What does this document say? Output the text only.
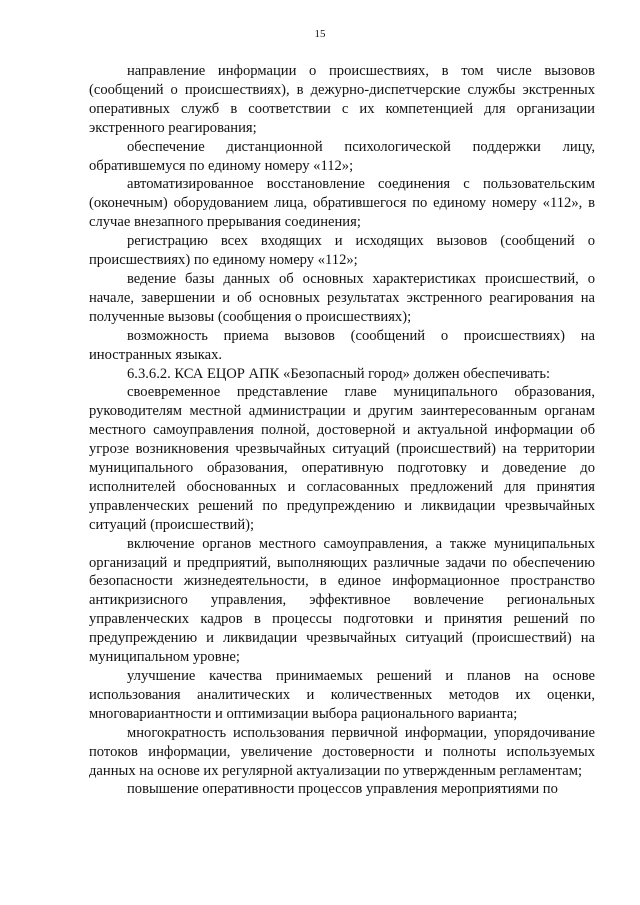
15

направление информации о происшествиях, в том числе вызовов (сообщений о происшествиях), в дежурно-диспетчерские службы экстренных оперативных служб в соответствии с их компетенцией для организации экстренного реагирования;

обеспечение дистанционной психологической поддержки лицу, обратившемуся по единому номеру «112»;

автоматизированное восстановление соединения с пользовательским (оконечным) оборудованием лица, обратившегося по единому номеру «112», в случае внезапного прерывания соединения;

регистрацию всех входящих и исходящих вызовов (сообщений о происшествиях) по единому номеру «112»;

ведение базы данных об основных характеристиках происшествий, о начале, завершении и об основных результатах экстренного реагирования на полученные вызовы (сообщения о происшествиях);

возможность приема вызовов (сообщений о происшествиях) на иностранных языках.

6.3.6.2. КСА ЕЦОР АПК «Безопасный город» должен обеспечивать:

своевременное представление главе муниципального образования, руководителям местной администрации и другим заинтересованным органам местного самоуправления полной, достоверной и актуальной информации об угрозе возникновения чрезвычайных ситуаций (происшествий) на территории муниципального образования, оперативную подготовку и доведение до исполнителей обоснованных и согласованных предложений для принятия управленческих решений по предупреждению и ликвидации чрезвычайных ситуаций (происшествий);

включение органов местного самоуправления, а также муниципальных организаций и предприятий, выполняющих различные задачи по обеспечению безопасности жизнедеятельности, в единое информационное пространство антикризисного управления, эффективное вовлечение региональных управленческих кадров в процессы подготовки и принятия решений по предупреждению и ликвидации чрезвычайных ситуаций (происшествий) на муниципальном уровне;

улучшение качества принимаемых решений и планов на основе использования аналитических и количественных методов их оценки, многовариантности и оптимизации выбора рационального варианта;

многократность использования первичной информации, упорядочивание потоков информации, увеличение достоверности и полноты используемых данных на основе их регулярной актуализации по утвержденным регламентам;

повышение оперативности процессов управления мероприятиями по
